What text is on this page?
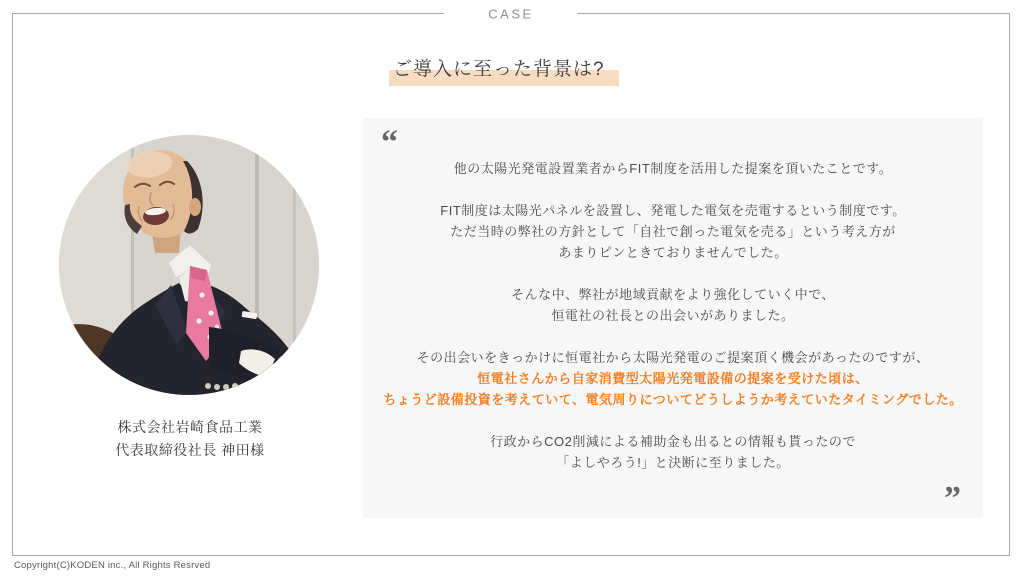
CASE
ご導入に至った背景は?
株式会社岩崎食品工業
代表取締役社長 神田様
“

他の太陽光発電設置業者からFIT制度を活用した提案を頂いたことです。

FIT制度は太陽光パネルを設置し、発電した電気を売電するという制度です。
ただ当時の弊社の方針として「自社で創った電気を売る」という考え方が
あまりピンときておりませんでした。

そんな中、弊社が地域貢献をより強化していく中で、
恒電社の社長との出会いがありました。

その出会いをきっかけに恒電社から太陽光発電のご提案頂く機会があったのですが、
恒電社さんから自家消費型太陽光発電設備の提案を受けた頃は、
ちょうど設備投資を考えていて、電気周りについてどうしようか考えていたタイミングでした。

行政からCO2削減による補助金も出るとの情報も貰ったので
「よしやろう!」と決断に至りました。

”
Copyright(C)KODEN inc., All Rights Resrved
